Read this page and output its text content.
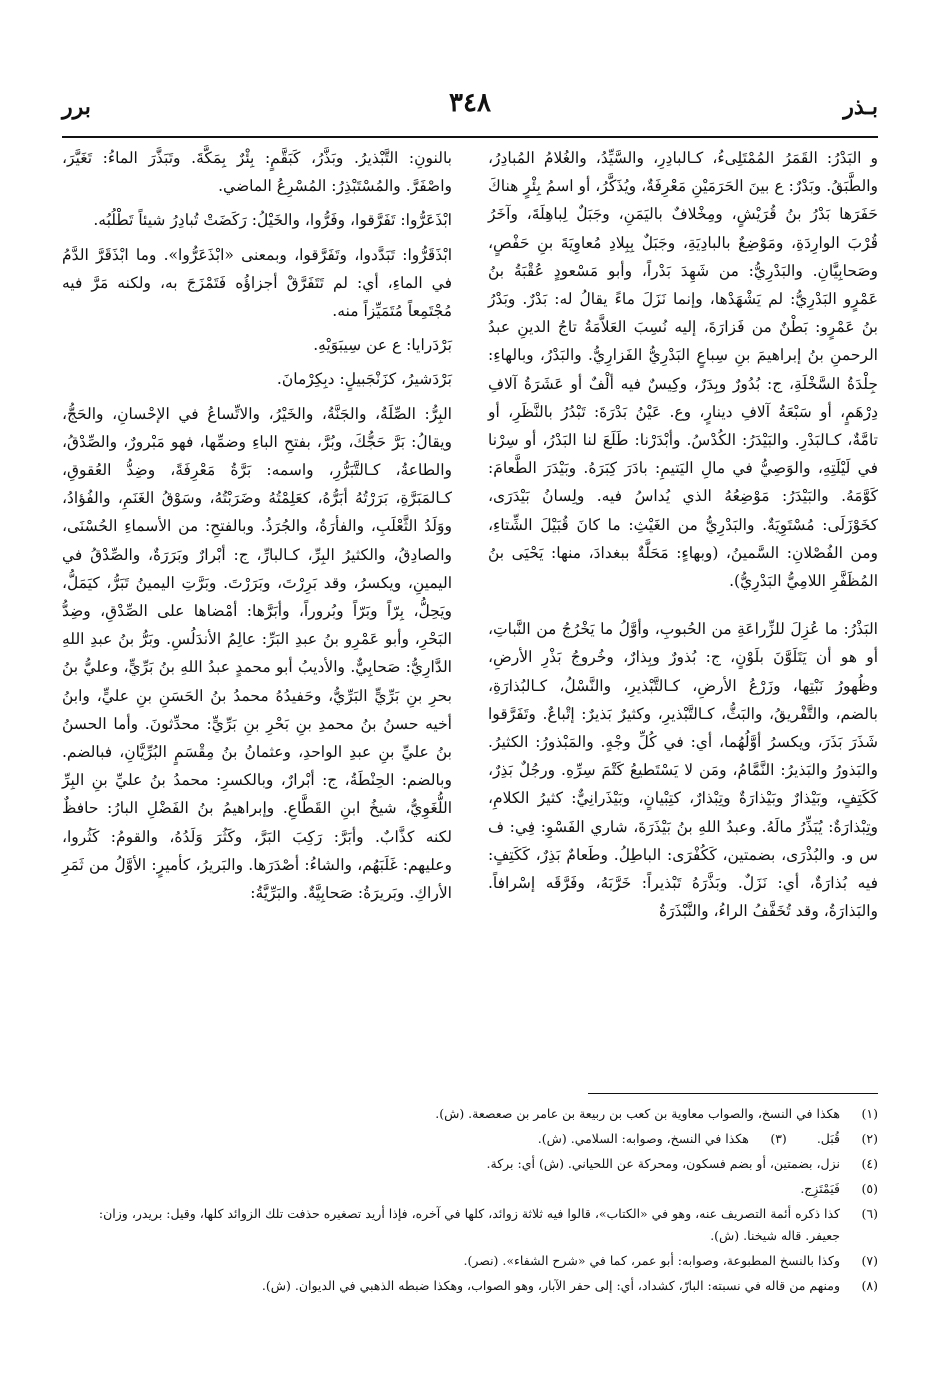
بـذر
٣٤٨
برر

و البَدْرُ: القَمَرُ المُمْتَلِىءُ، كـالبادِرِ، والسَّيِّدُ، والغُلامُ المُبادِرُ، والطَّبَقُ. وبَدْرٌ: ع بينَ الحَرَمَيْنِ مَعْرِفَةٌ، ويُذَكَّرُ، أو اسمُ بِئْرٍ هناكَ حَفَرَها بَدْرُ بنُ قُرَيْشٍ، ومِخْلافٌ باليَمَنِ، وجَبَلٌ لِباهِلَةَ، وآخَرُ قُرْبَ الوارِدَةِ، ومَوْضِعٌ بالبادِيَةِ، وجَبَلٌ بِبِلادِ مُعاوِيَةَ بنِ حَفْصٍ، وصَحابِيَّانِ. والبَدْرِيُّ: من شَهِدَ بَدْراً، وأبو مَسْعودٍ عُقْبَةُ بنُ عَمْرٍو البَدْرِيُّ: لم يَشْهَدْها، وإنما نَزَلَ ماءً يقالُ له: بَدْرٌ. وبَدْرُ بنُ عَمْرٍو: بَطْنٌ من فَزارَةَ، إليه نُسِبَ العَلاَّمَةُ تاجُ الدينِ عبدُ الرحمنِ بنُ إبراهيمَ بنِ سِباعٍ البَدْرِيُّ الفَزارِيُّ. والبَدْرُ، وبالهاءِ: جِلْدَةُ السَّخْلَةِ، ج: بُدُورٌ وبِدَرٌ، وكِيسٌ فيه ألْفٌ أو عَشَرَةُ آلافِ دِرْهَمٍ، أو سَبْعَةُ آلافِ دينارٍ، وع. عَيْنُ بَدْرَةَ: تَبْدُرُ بالنَّظَرِ، أو تامَّةٌ، كـالبَدْرِ. والبَيْدَرُ: الكُدْسُ. وأبْدَرْنا: طَلَعَ لنا البَدْرُ، أو سِرْنا في لَيْلَتِهِ، والوَصِيُّ في مالِ اليَتيمِ: بادَرَ كِبَرَهُ. وبَيْدَرَ الطَّعامَ: كَوَّمَهُ. والبَيْدَرُ: مَوْضِعُهُ الذي يُداسُ فيه. ولِسانُ بَيْدَرَى، كخَوْزَلَى: مُسْتَوِيَةٌ. والبَدْرِيُّ من الغَيْثِ: ما كانَ قُبَيْلَ الشِّتاءِ، ومن الفُصْلانِ: السَّمينُ، (وبهاءٍ: مَحَلَّةٌ ببغدادَ، منها: يَحْيَى بنُ المُظَفَّرِ اللامِيُّ البَدْرِيُّ).

البَذْرُ: ما عُزِلَ للزِّراعَةِ من الحُبوبِ، وأوَّلُ ما يَخْرُجُ من النَّباتِ، أو هو أن يَتَلَوَّنَ بلَوْنٍ، ج: بُذورٌ وبِذارٌ، وخُروجُ بَذْرِ الأرضِ، وظُهورُ نَبْتِها، وزَرْعُ الأرضِ، كـالتَّبْذيرِ، والنَّسْلُ، كـالبُذارَةِ، بالضم، والتَّفْريقُ، والبَثُّ، كـالتَّبْذيرِ، وكثيرٌ بَذيرٌ: إتْباعٌ. وتَفَرَّقوا شَذَرَ بَذَرَ، ويكسرُ أوَّلُهُما، أي: في كُلِّ وجْهٍ. والمَبْذورُ: الكثيرُ. والبَذورُ والبَذيرُ: النَّمَّامُ، ومَن لا يَسْتَطيعُ كَتْمَ سِرِّهِ. ورجُلٌ بَذِرٌ، كَكَتِفٍ، وبَيْذارٌ وبَيْذارَةٌ وتِبْذارٌ، كتِبْيانٍ، وبَيْذَرانِيٌّ: كثيرُ الكلامِ، وتِبْذارَةٌ: يُبَذِّرُ مالَهُ. وعبدُ اللهِ بنُ بَيْذَرَةَ، شاري الفَسْوِ: فِي: ف س و. والبُذْرَى، بضمتين، كَكُفْرَى: الباطِلُ. وطَعامٌ بَذِرٌ، كَكَتِفٍ: فيه بُذارَةٌ، أي: نَزَلٌ. وبَذَّرَهُ تَبْذيراً: خَرَّبَهُ، وفَرَّقَه إسْرافاً. والبَذارَةُ، وقد تُخَفَّفُ الراءُ، والنَّبْذَرَةُ

بالنونِ: التَّبْذيرُ. وبَذَّرُ، كَبَقَّمٍ: بِئْرٌ بِمَكَّةَ. وتَبَذَّرَ الماءُ: تَغَيَّرَ، واصْفَرَّ. والمُسْتَبْذِرُ: المُسْرِعُ الماضي.

ابْذَعَرُّوا: تَفَرَّقوا، وفَرُّوا، والخَيْلُ: رَكَضَتْ تُبادِرُ شيئاً تَطْلُبُه.

ابْذَقَرُّوا: تَبَدَّدوا، وتَفَرَّقوا، وبمعنى «ابْذَعَرُّوا». وما ابْذَقَرَّ الدَّمُ في الماءِ، أي: لم تَتَفَرَّقْ أجزاؤُه فَتَمْزَجَ به، ولكنه مَرَّ فيه مُجْتَمِعاً مُتَمَيِّزاً منه.

بَرْدَرايا: ع عن سِيبَوَيْهِ.

بَرْدَشيرُ، كزَنْجَبيلٍ: دبِكِرْمانَ.

البِرُّ: الصِّلَةُ، والجَنَّةُ، والخَيْرُ، والاتِّساعُ في الإحْسانِ، والحَجُّ، ويقالُ: بَرَّ حَجُّكَ، وبُرَّ، بفتحِ الباءِ وضمِّها، فهو مَبْرورٌ، والصِّدْقُ، والطاعةُ، كـالتَّبَرُّرِ، واسمه: بَرَّةُ مَعْرِفَةً، وضِدُّ العُقوقِ، كـالمَبَرَّةِ، بَرَرْتُهُ أبَرُّهُ، كعَلِمْتُهُ وضَرَبْتُهُ، وسَوْقُ الغَنَمِ، والفُؤادُ، ووَلَدُ الثَّعْلَبِ، والفأرَةُ، والجُرَذُ. وبالفتحِ: من الأسماءِ الحُسْنَى، والصادِقُ، والكثيرُ البِرِّ، كـالبارِّ، ج: أبْرارٌ وبَرَرَةٌ، والصِّدْقُ في اليمينِ، ويكسرُ، وقد بَرِرْتَ، وبَرَرْتَ. وبَرَّتِ اليمينُ تَبَرُّ، كيَمَلُّ، ويَحِلُّ، بِرّاً وبَرّاً وبُروراً، وأبَرَّها: أمْضاها على الصِّدْقِ، وضِدُّ البَحْرِ، وأبو عَمْرِو بنُ عبدِ البَرِّ: عالِمُ الأندَلُسِ. وبَرُّ بنُ عبدِ اللهِ الدَّارِيُّ: صَحابِيٌّ. والأديبُ أبو محمدٍ عبدُ اللهِ بنُ بَرِّيٍّ، وعليُّ بنُ بحرِ بنِ بَرِّيٍّ البَرِّيُّ، وحَفيدُهُ محمدُ بنُ الحَسَنِ بنِ عليٍّ، وابنُ أخيه حسنُ بنُ محمدِ بنِ بَحْرِ بنِ بَرِّيٍّ: محدِّثونَ. وأما الحسنُ بنُ عليِّ بنِ عبدِ الواحدِ، وعثمانُ بنُ مِقْسَمٍ البُرِّيَّانِ، فبالضم. وبالضم: الحِنْطَةُ، ج: أبْرارٌ، وبالكسرِ: محمدُ بنُ عليِّ بنِ البِرِّ اللُّغَوِيُّ، شيخُ ابنِ القَطَّاعِ. وإبراهيمُ بنُ الفَضْلِ البارُ: حافظٌ لكنه كذَّابٌ. وأبَرَّ: رَكِبَ البَرَّ، وكَثُرَ وَلَدُهُ، والقومُ: كَثُروا، وعليهم: غَلَبَهُم، والشاءُ: أصْدَرَها. والبَريرُ، كأميرٍ: الأوَّلُ من ثَمَرِ الأراكِ. وبَريرَةُ: صَحابِيَّةٌ. والبَرِّيَّةُ:

(١)
هكذا في النسخ، والصواب معاوية بن كعب بن ربيعة بن عامر بن صعصعة. (ش).
(٢)
قُبَل.
(٣)
هكذا في النسخ، وصوابه: السلامي. (ش).
(٤)
نزل، بضمتين، أو بضم فسكون، ومحركة عن اللحياني. (ش) أي: بركة.
(٥)
فَيَمْتَزِج.
(٦)
كذا ذكره أئمة التصريف عنه، وهو في «الكتاب»، قالوا فيه ثلاثة زوائد، كلها في آخره، فإذا أريد تصغيره حذفت تلك الزوائد كلها، وقيل: بريدر، وزان: جعيفر. قاله شيخنا. (ش).
(٧)
وكذا بالنسخ المطبوعة، وصوابه: أبو عمر، كما في «شرح الشفاء». (نصر).
(٨)
ومنهم من قاله في نسبته: البارّ، كشداد، أي: إلى حفر الآبار، وهو الصواب، وهكذا ضبطه الذهبي في الديوان. (ش).
